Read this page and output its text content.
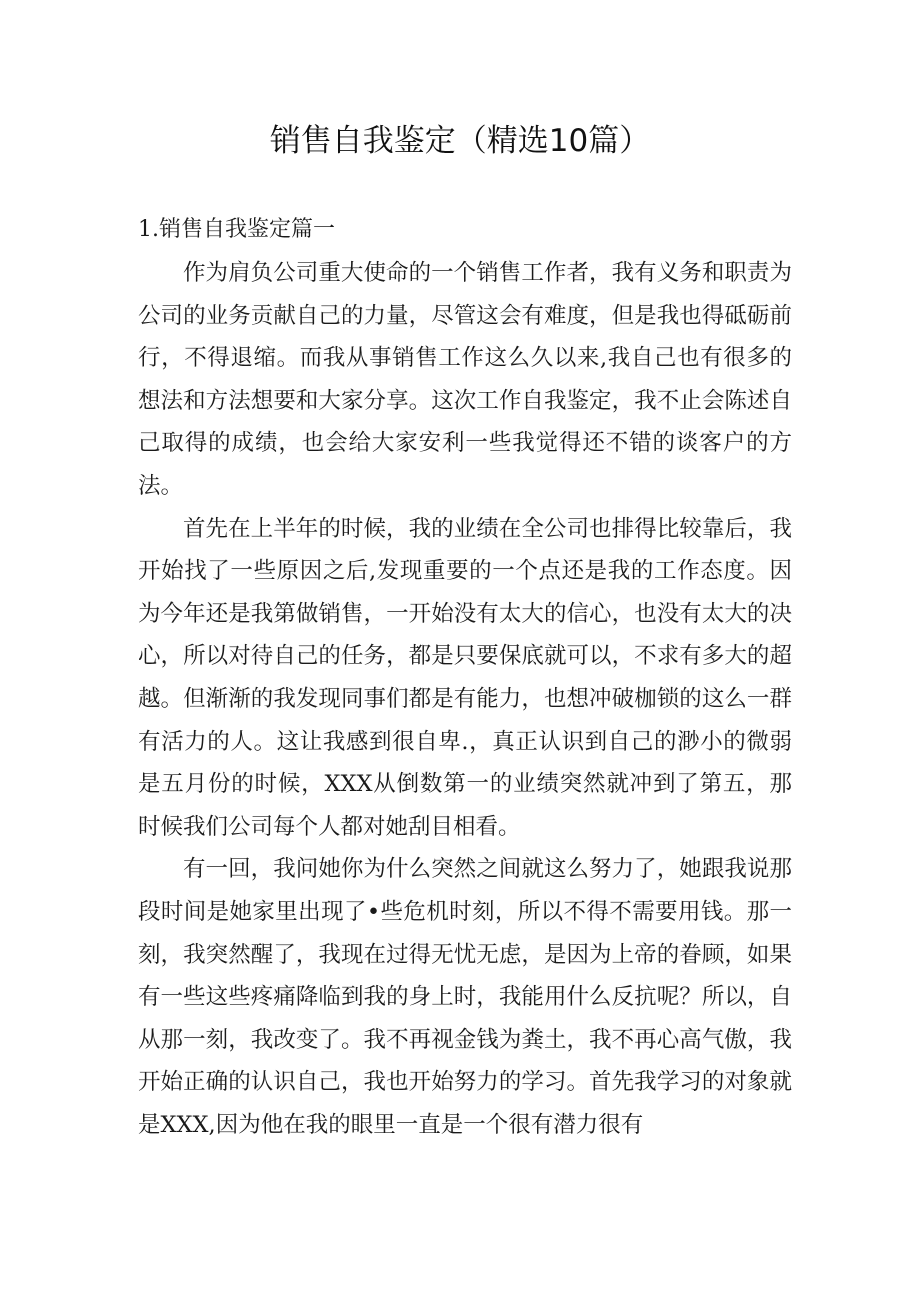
销售自我鉴定（精选10篇）
1.销售自我鉴定篇一

作为肩负公司重大使命的一个销售工作者，我有义务和职责为公司的业务贡献自己的力量，尽管这会有难度，但是我也得砥砺前行，不得退缩。而我从事销售工作这么久以来,我自己也有很多的想法和方法想要和大家分享。这次工作自我鉴定，我不止会陈述自己取得的成绩，也会给大家安利一些我觉得还不错的谈客户的方法。

首先在上半年的时候，我的业绩在全公司也排得比较靠后，我开始找了一些原因之后,发现重要的一个点还是我的工作态度。因为今年还是我第做销售，一开始没有太大的信心，也没有太大的决心，所以对待自己的任务，都是只要保底就可以，不求有多大的超越。但渐渐的我发现同事们都是有能力，也想冲破枷锁的这么一群有活力的人。这让我感到很自卑.，真正认识到自己的渺小的微弱是五月份的时候，XXX从倒数第一的业绩突然就冲到了第五，那时候我们公司每个人都对她刮目相看。

有一回，我问她你为什么突然之间就这么努力了，她跟我说那段时间是她家里出现了•些危机时刻，所以不得不需要用钱。那一刻，我突然醒了，我现在过得无忧无虑，是因为上帝的眷顾，如果有一些这些疼痛降临到我的身上时，我能用什么反抗呢？所以，自从那一刻，我改变了。我不再视金钱为粪土，我不再心高气傲，我开始正确的认识自己，我也开始努力的学习。首先我学习的对象就是XXX,因为他在我的眼里一直是一个很有潜力很有
